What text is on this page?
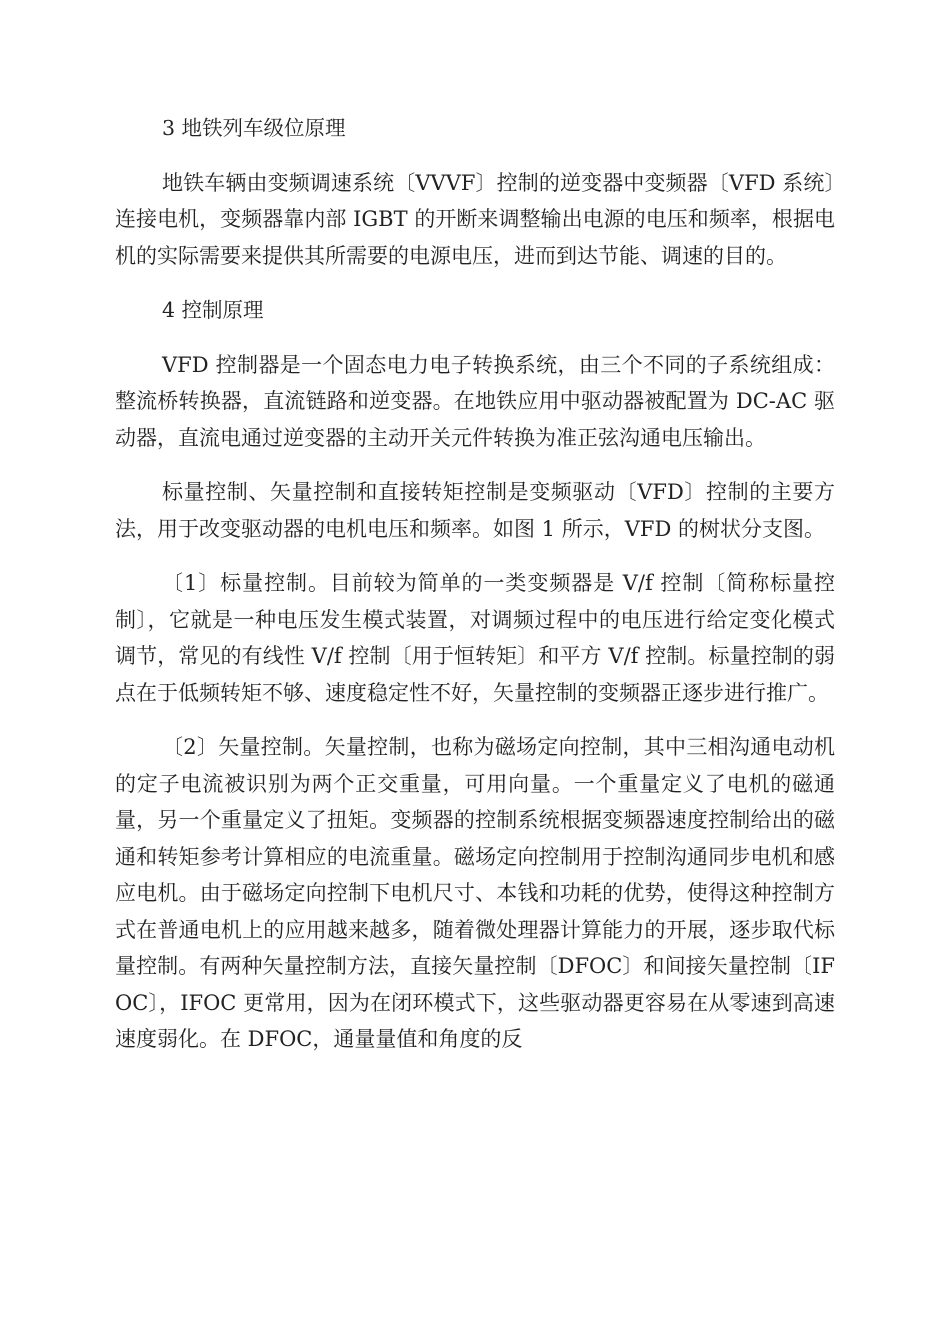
3 地铁列车级位原理

地铁车辆由变频调速系统〔VVVF〕控制的逆变器中变频器〔VFD 系统〕连接电机，变频器靠内部 IGBT 的开断来调整输出电源的电压和频率，根据电机的实际需要来提供其所需要的电源电压，进而到达节能、调速的目的。

4 控制原理

VFD 控制器是一个固态电力电子转换系统，由三个不同的子系统组成：整流桥转换器，直流链路和逆变器。在地铁应用中驱动器被配置为 DC-AC 驱动器，直流电通过逆变器的主动开关元件转换为准正弦沟通电压输出。

标量控制、矢量控制和直接转矩控制是变频驱动〔VFD〕控制的主要方法，用于改变驱动器的电机电压和频率。如图 1 所示，VFD 的树状分支图。

〔1〕标量控制。目前较为简单的一类变频器是 V/f 控制〔简称标量控制〕，它就是一种电压发生模式装置，对调频过程中的电压进行给定变化模式调节，常见的有线性 V/f 控制〔用于恒转矩〕和平方 V/f 控制。标量控制的弱点在于低频转矩不够、速度稳定性不好，矢量控制的变频器正逐步进行推广。

〔2〕矢量控制。矢量控制，也称为磁场定向控制，其中三相沟通电动机的定子电流被识别为两个正交重量，可用向量。一个重量定义了电机的磁通量，另一个重量定义了扭矩。变频器的控制系统根据变频器速度控制给出的磁通和转矩参考计算相应的电流重量。磁场定向控制用于控制沟通同步电机和感应电机。由于磁场定向控制下电机尺寸、本钱和功耗的优势，使得这种控制方式在普通电机上的应用越来越多，随着微处理器计算能力的开展，逐步取代标量控制。有两种矢量控制方法，直接矢量控制〔DFOC〕和间接矢量控制〔IFOC〕，IFOC 更常用，因为在闭环模式下，这些驱动器更容易在从零速到高速速度弱化。在 DFOC，通量量值和角度的反
